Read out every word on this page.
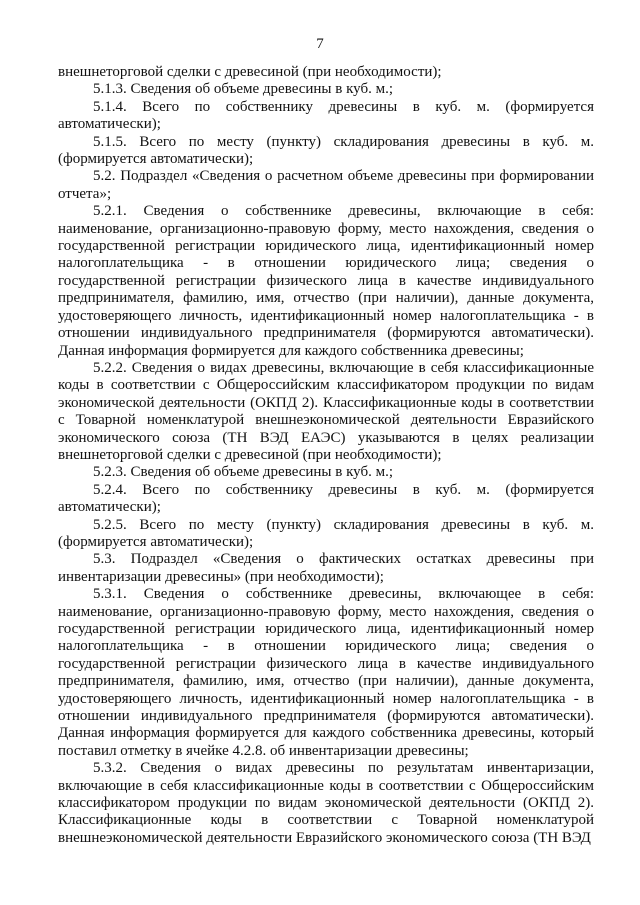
7

внешнеторговой сделки с древесиной (при необходимости);

5.1.3. Сведения об объеме древесины в куб. м.;

5.1.4. Всего по собственнику древесины в куб. м. (формируется автоматически);

5.1.5. Всего по месту (пункту) складирования древесины в куб. м. (формируется автоматически);

5.2. Подраздел «Сведения о расчетном объеме древесины при формировании отчета»;

5.2.1. Сведения о собственнике древесины, включающие в себя: наименование, организационно-правовую форму, место нахождения, сведения о государственной регистрации юридического лица, идентификационный номер налогоплательщика - в отношении юридического лица; сведения о государственной регистрации физического лица в качестве индивидуального предпринимателя, фамилию, имя, отчество (при наличии), данные документа, удостоверяющего личность, идентификационный номер налогоплательщика - в отношении индивидуального предпринимателя (формируются автоматически). Данная информация формируется для каждого собственника древесины;

5.2.2. Сведения о видах древесины, включающие в себя классификационные коды в соответствии с Общероссийским классификатором продукции по видам экономической деятельности (ОКПД 2). Классификационные коды в соответствии с Товарной номенклатурой внешнеэкономической деятельности Евразийского экономического союза (ТН ВЭД ЕАЭС) указываются в целях реализации внешнеторговой сделки с древесиной (при необходимости);

5.2.3. Сведения об объеме древесины в куб. м.;

5.2.4. Всего по собственнику древесины в куб. м. (формируется автоматически);

5.2.5. Всего по месту (пункту) складирования древесины в куб. м. (формируется автоматически);

5.3. Подраздел «Сведения о фактических остатках древесины при инвентаризации древесины» (при необходимости);

5.3.1. Сведения о собственнике древесины, включающее в себя: наименование, организационно-правовую форму, место нахождения, сведения о государственной регистрации юридического лица, идентификационный номер налогоплательщика - в отношении юридического лица; сведения о государственной регистрации физического лица в качестве индивидуального предпринимателя, фамилию, имя, отчество (при наличии), данные документа, удостоверяющего личность, идентификационный номер налогоплательщика - в отношении индивидуального предпринимателя (формируются автоматически). Данная информация формируется для каждого собственника древесины, который поставил отметку в ячейке 4.2.8. об инвентаризации древесины;

5.3.2. Сведения о видах древесины по результатам инвентаризации, включающие в себя классификационные коды в соответствии с Общероссийским классификатором продукции по видам экономической деятельности (ОКПД 2). Классификационные коды в соответствии с Товарной номенклатурой внешнеэкономической деятельности Евразийского экономического союза (ТН ВЭД
